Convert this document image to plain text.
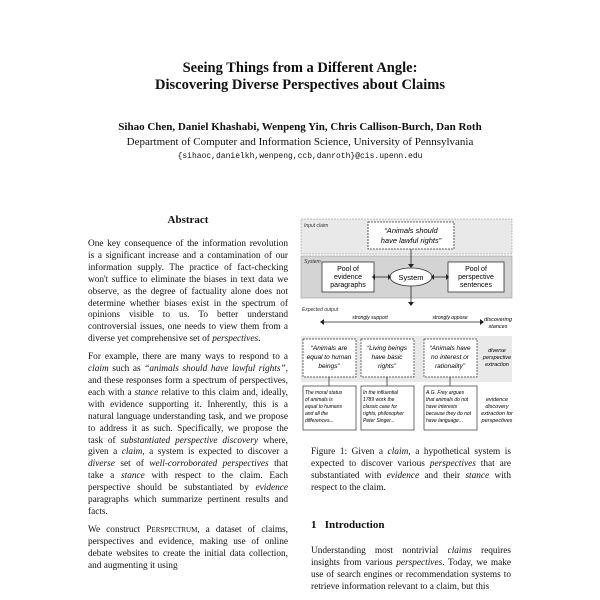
Seeing Things from a Different Angle:
Discovering Diverse Perspectives about Claims
Sihao Chen, Daniel Khashabi, Wenpeng Yin, Chris Callison-Burch, Dan Roth
Department of Computer and Information Science, University of Pennsylvania
{sihaoc,danielkh,wenpeng,ccb,danroth}@cis.upenn.edu
Abstract

One key consequence of the information revolution is a significant increase and a contamination of our information supply. The practice of fact-checking won't suffice to eliminate the biases in text data we observe, as the degree of factuality alone does not determine whether biases exist in the spectrum of opinions visible to us. To better understand controversial issues, one needs to view them from a diverse yet comprehensive set of perspectives.

For example, there are many ways to respond to a claim such as “animals should have lawful rights”, and these responses form a spectrum of perspectives, each with a stance relative to this claim and, ideally, with evidence supporting it. Inherently, this is a natural language understanding task, and we propose to address it as such. Specifically, we propose the task of substantiated perspective discovery where, given a claim, a system is expected to discover a diverse set of well-corroborated perspectives that take a stance with respect to the claim. Each perspective should be substantiated by evidence paragraphs which summarize pertinent results and facts.

We construct Perspectrum, a dataset of claims, perspectives and evidence, making use of online debate websites to create the initial data collection, and augmenting it using

Input claim	“Animals should
have lawful rights”
System
Pool of
evidence
paragraphs
System
Pool of
perspective
sentences
Expected output
strongly support	strongly oppose	discovering
stances
“Animals are
equal to human
beings”
“Living beings
have basic
rights”
“Animals have
no interest or
rationality”
diverse
perspective
extraction
The moral status
of animals is
equal to humans
and all the
differences...
In the influential
1789 work the
classic case for
rights, philosopher
Peter Singer...
A.G. Frey argues
that animals do not
have interests
because they do not
have language...
evidence
discovery
extraction for
perspectives
Figure 1: Given a claim, a hypothetical system is expected to discover various perspectives that are substantiated with evidence and their stance with respect to the claim.
1   Introduction
Understanding most nontrivial claims requires insights from various perspectives. Today, we make use of search engines or recommendation systems to retrieve information relevant to a claim, but this
